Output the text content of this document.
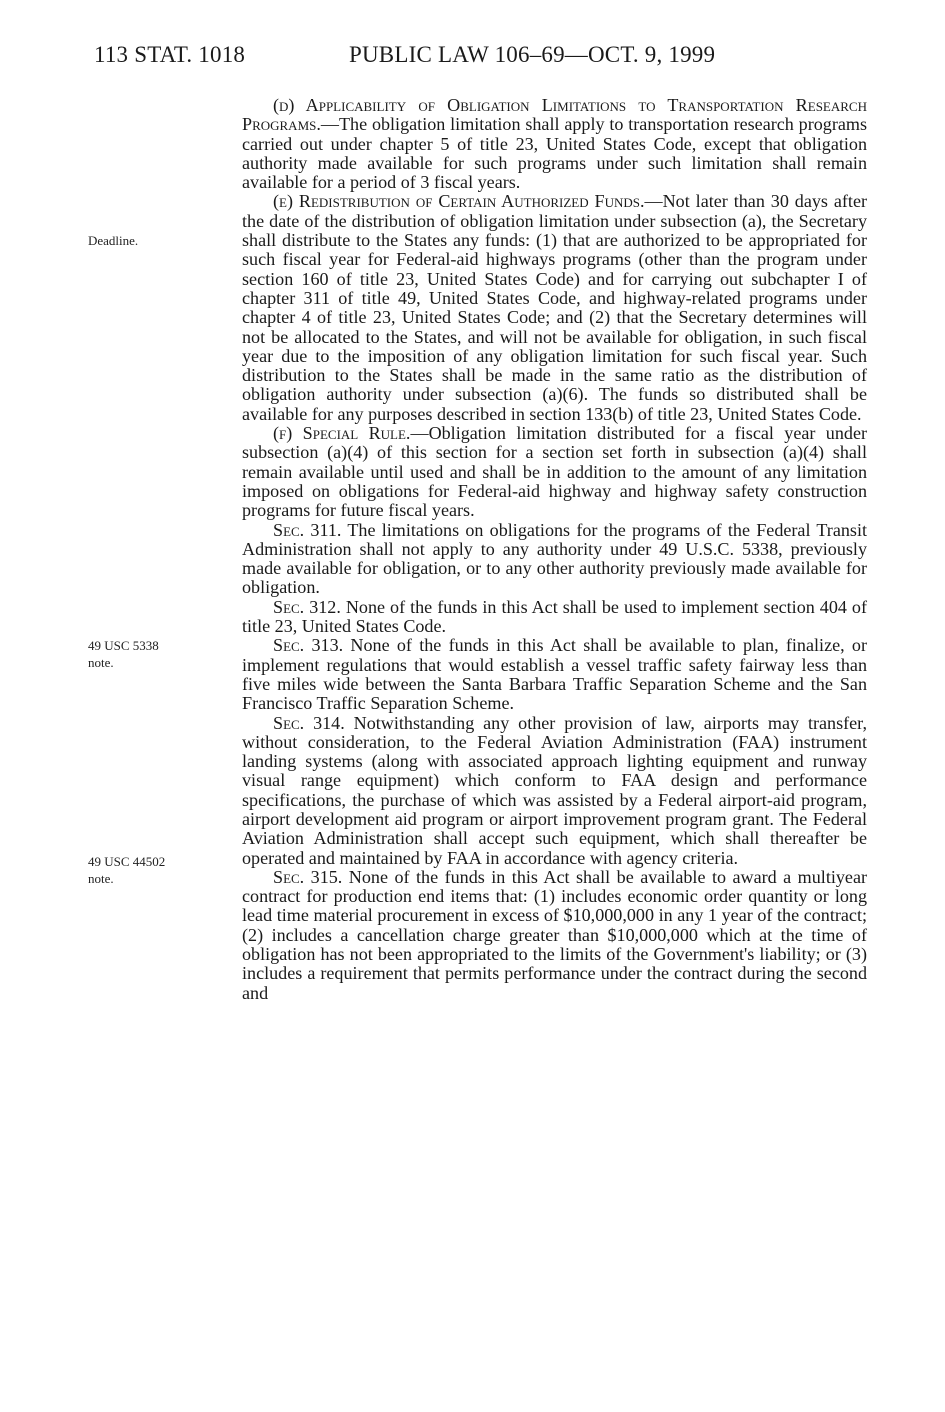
113 STAT. 1018	PUBLIC LAW 106–69—OCT. 9, 1999
Deadline.
49 USC 5338
note.
49 USC 44502
note.

(d) Applicability of Obligation Limitations to Transportation Research Programs.—The obligation limitation shall apply to transportation research programs carried out under chapter 5 of title 23, United States Code, except that obligation authority made available for such programs under such limitation shall remain available for a period of 3 fiscal years.

(e) Redistribution of Certain Authorized Funds.—Not later than 30 days after the date of the distribution of obligation limitation under subsection (a), the Secretary shall distribute to the States any funds: (1) that are authorized to be appropriated for such fiscal year for Federal-aid highways programs (other than the program under section 160 of title 23, United States Code) and for carrying out subchapter I of chapter 311 of title 49, United States Code, and highway-related programs under chapter 4 of title 23, United States Code; and (2) that the Secretary determines will not be allocated to the States, and will not be available for obligation, in such fiscal year due to the imposition of any obligation limitation for such fiscal year. Such distribution to the States shall be made in the same ratio as the distribution of obligation authority under subsection (a)(6). The funds so distributed shall be available for any purposes described in section 133(b) of title 23, United States Code.

(f) Special Rule.—Obligation limitation distributed for a fiscal year under subsection (a)(4) of this section for a section set forth in subsection (a)(4) shall remain available until used and shall be in addition to the amount of any limitation imposed on obligations for Federal-aid highway and highway safety construction programs for future fiscal years.

Sec. 311. The limitations on obligations for the programs of the Federal Transit Administration shall not apply to any authority under 49 U.S.C. 5338, previously made available for obligation, or to any other authority previously made available for obligation.

Sec. 312. None of the funds in this Act shall be used to implement section 404 of title 23, United States Code.

Sec. 313. None of the funds in this Act shall be available to plan, finalize, or implement regulations that would establish a vessel traffic safety fairway less than five miles wide between the Santa Barbara Traffic Separation Scheme and the San Francisco Traffic Separation Scheme.

Sec. 314. Notwithstanding any other provision of law, airports may transfer, without consideration, to the Federal Aviation Administration (FAA) instrument landing systems (along with associated approach lighting equipment and runway visual range equipment) which conform to FAA design and performance specifications, the purchase of which was assisted by a Federal airport-aid program, airport development aid program or airport improvement program grant. The Federal Aviation Administration shall accept such equipment, which shall thereafter be operated and maintained by FAA in accordance with agency criteria.

Sec. 315. None of the funds in this Act shall be available to award a multiyear contract for production end items that: (1) includes economic order quantity or long lead time material procurement in excess of $10,000,000 in any 1 year of the contract; (2) includes a cancellation charge greater than $10,000,000 which at the time of obligation has not been appropriated to the limits of the Government's liability; or (3) includes a requirement that permits performance under the contract during the second and
